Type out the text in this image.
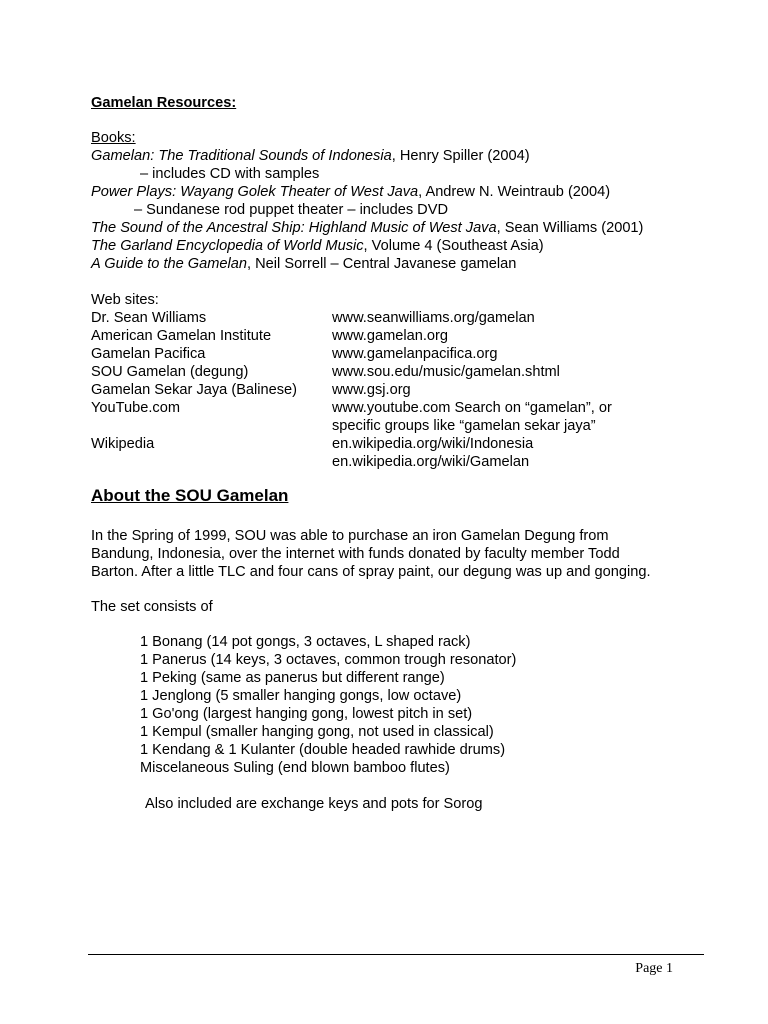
Gamelan Resources:
Books:
Gamelan: The Traditional Sounds of Indonesia, Henry Spiller (2004)
– includes CD with samples
Power Plays: Wayang Golek Theater of West Java, Andrew N. Weintraub (2004)
– Sundanese rod puppet theater – includes DVD
The Sound of the Ancestral Ship: Highland Music of West Java, Sean Williams (2001)
The Garland Encyclopedia of World Music, Volume 4 (Southeast Asia)
A Guide to the Gamelan, Neil Sorrell – Central Javanese gamelan
Web sites:
Dr. Sean Williams	www.seanwilliams.org/gamelan
American Gamelan Institute	www.gamelan.org
Gamelan Pacifica	www.gamelanpacifica.org
SOU Gamelan (degung)	www.sou.edu/music/gamelan.shtml
Gamelan Sekar Jaya (Balinese) www.gsj.org
YouTube.com	www.youtube.com Search on “gamelan”, or
specific groups like “gamelan sekar jaya”
Wikipedia	en.wikipedia.org/wiki/Indonesia
en.wikipedia.org/wiki/Gamelan
About the SOU Gamelan
In the Spring of 1999, SOU was able to purchase an iron Gamelan Degung from
Bandung, Indonesia, over the internet with funds donated by faculty member Todd
Barton. After a little TLC and four cans of spray paint, our degung was up and gonging.
The set consists of
1 Bonang (14 pot gongs, 3 octaves, L shaped rack)
1 Panerus (14 keys, 3 octaves, common trough resonator)
1 Peking (same as panerus but different range)
1 Jenglong (5 smaller hanging gongs, low octave)
1 Go'ong (largest hanging gong, lowest pitch in set)
1 Kempul (smaller hanging gong, not used in classical)
1 Kendang & 1 Kulanter (double headed rawhide drums)
Miscelaneous Suling (end blown bamboo flutes)
Also included are exchange keys and pots for Sorog
Page 1
